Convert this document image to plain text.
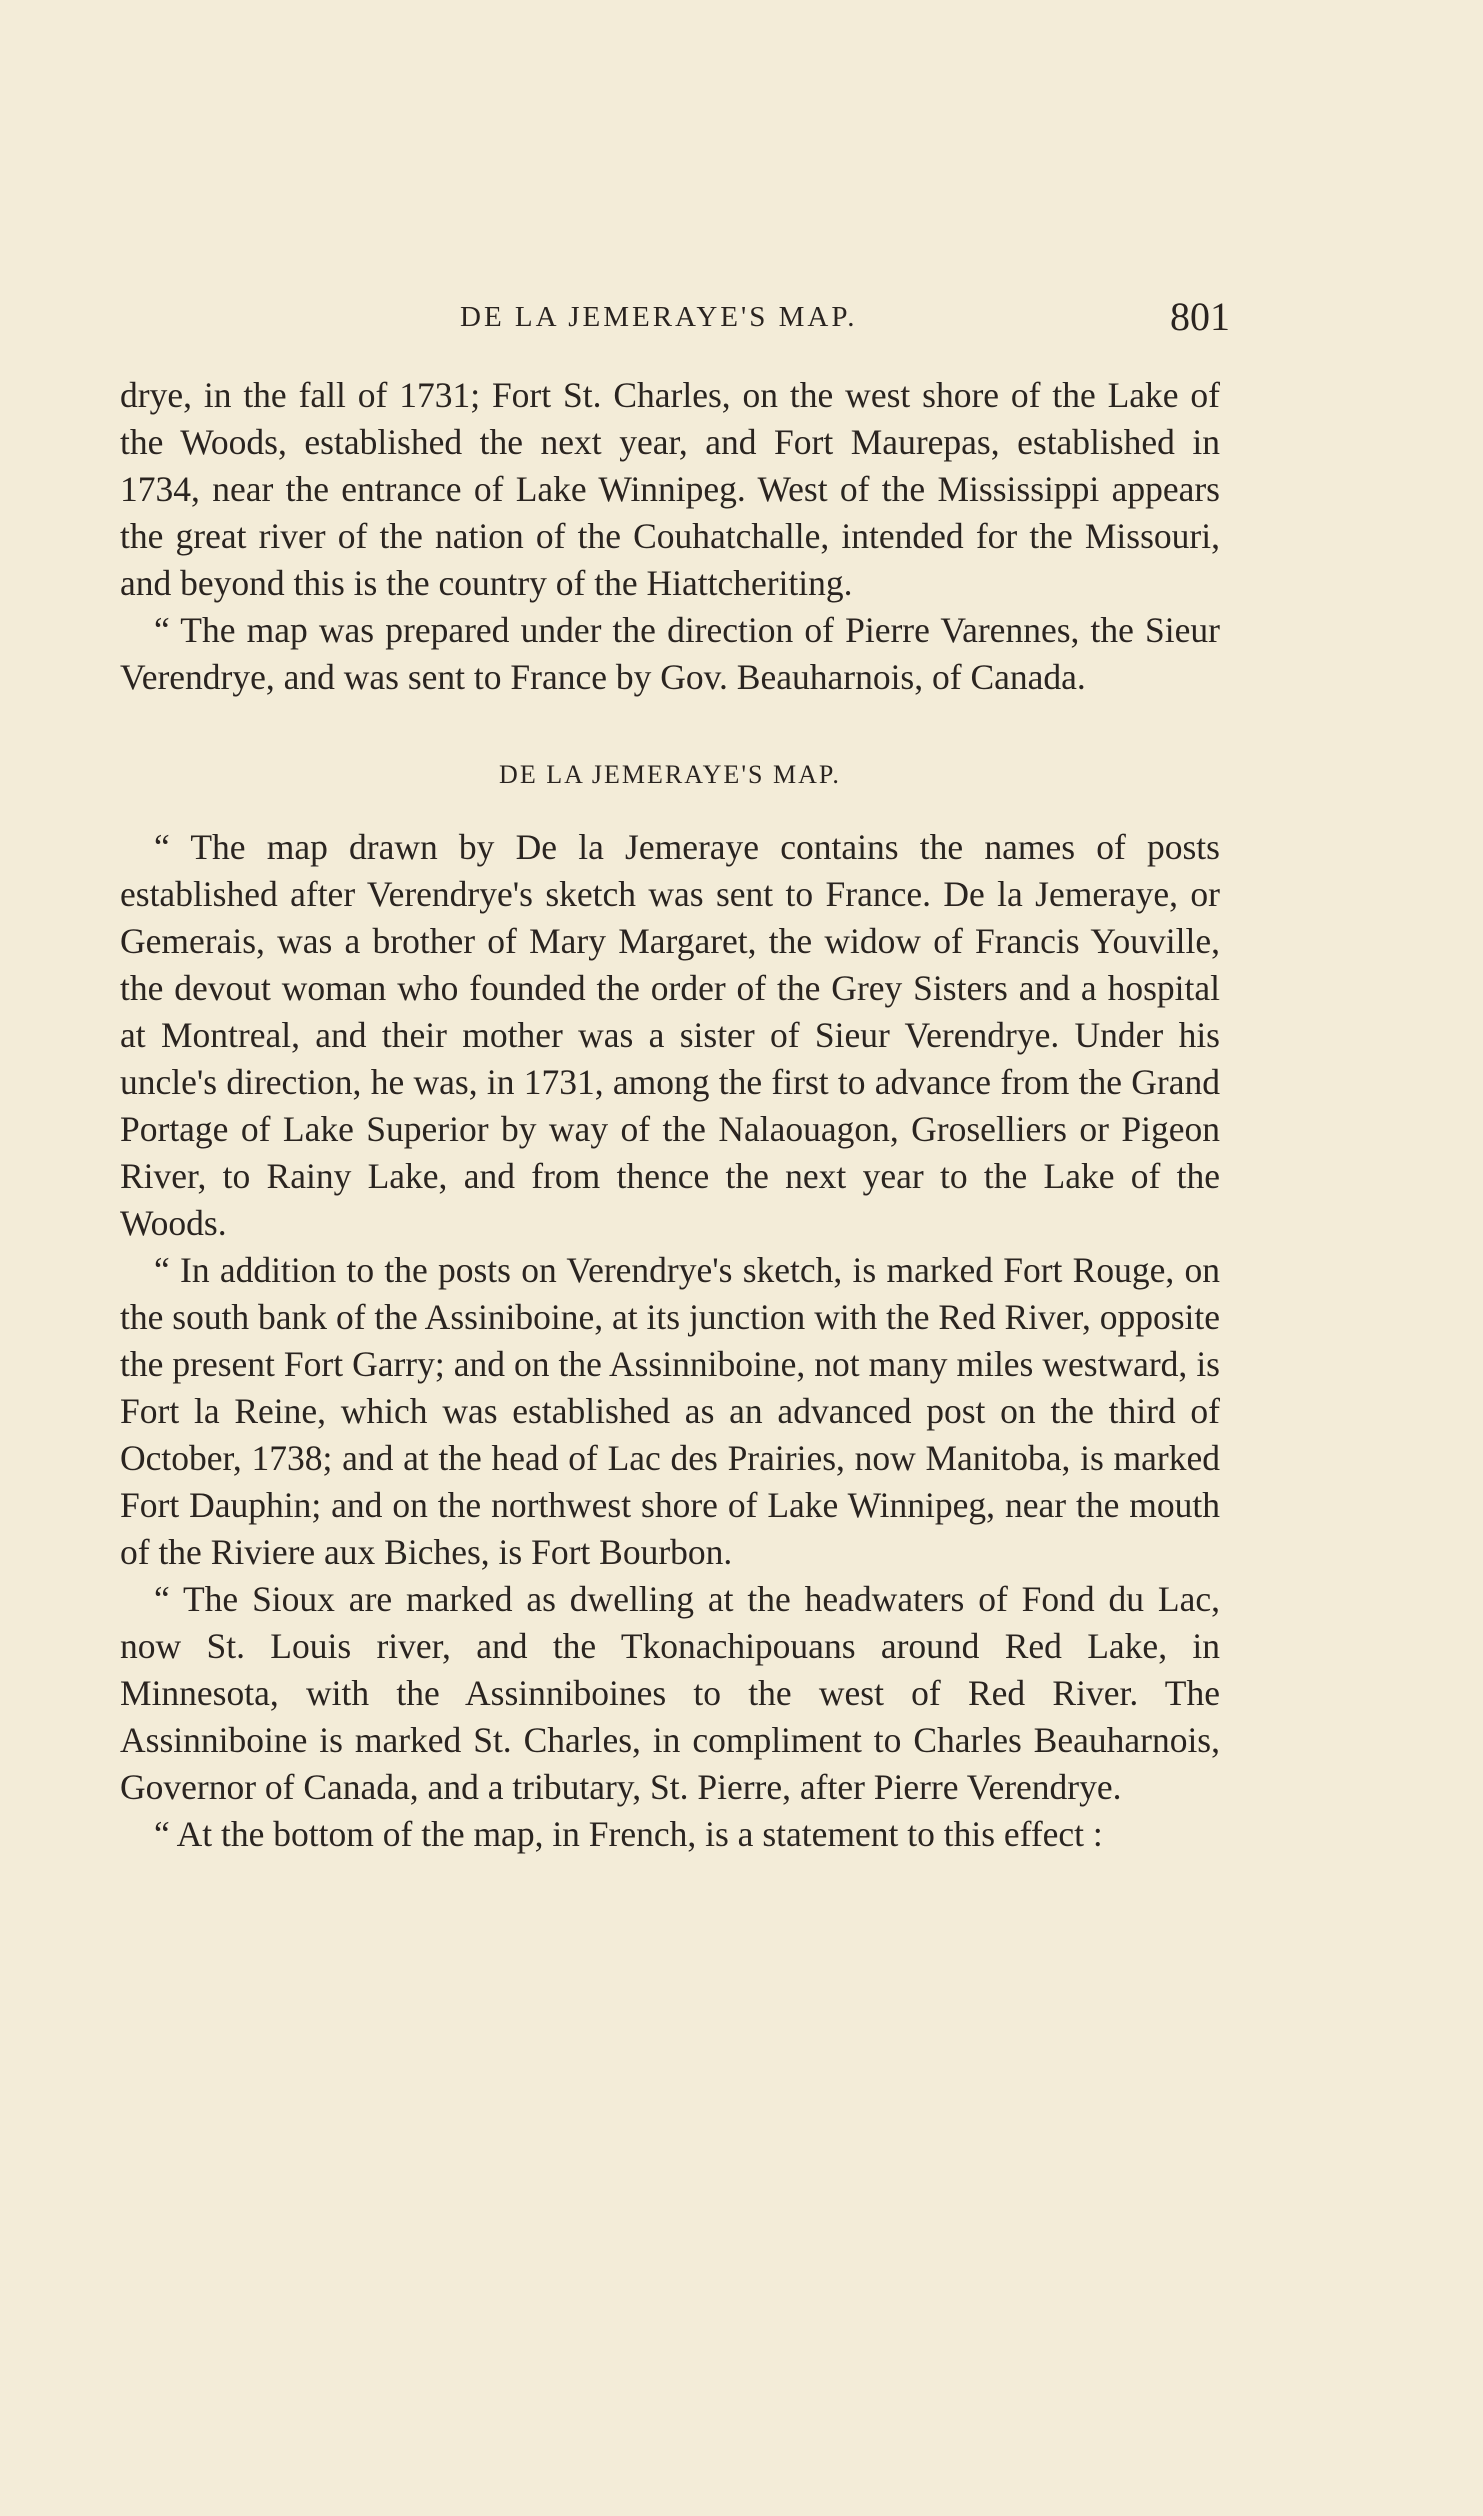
DE LA JEMERAYE'S MAP.	801

drye, in the fall of 1731; Fort St. Charles, on the west shore of the Lake of the Woods, established the next year, and Fort Maurepas, established in 1734, near the entrance of Lake Winnipeg. West of the Mississippi appears the great river of the nation of the Couhatchalle, intended for the Missouri, and beyond this is the country of the Hiattcheriting.

“ The map was prepared under the direction of Pierre Varennes, the Sieur Verendrye, and was sent to France by Gov. Beauharnois, of Canada.

DE LA JEMERAYE'S MAP.

“ The map drawn by De la Jemeraye contains the names of posts established after Verendrye's sketch was sent to France. De la Jemeraye, or Gemerais, was a brother of Mary Margaret, the widow of Francis Youville, the devout woman who founded the order of the Grey Sisters and a hospital at Montreal, and their mother was a sister of Sieur Verendrye. Under his uncle's direction, he was, in 1731, among the first to advance from the Grand Portage of Lake Superior by way of the Nalaouagon, Groselliers or Pigeon River, to Rainy Lake, and from thence the next year to the Lake of the Woods.

“ In addition to the posts on Verendrye's sketch, is marked Fort Rouge, on the south bank of the Assiniboine, at its junction with the Red River, opposite the present Fort Garry; and on the Assinniboine, not many miles westward, is Fort la Reine, which was established as an advanced post on the third of October, 1738; and at the head of Lac des Prairies, now Manitoba, is marked Fort Dauphin; and on the northwest shore of Lake Winnipeg, near the mouth of the Riviere aux Biches, is Fort Bourbon.

“ The Sioux are marked as dwelling at the headwaters of Fond du Lac, now St. Louis river, and the Tkonachipouans around Red Lake, in Minnesota, with the Assinniboines to the west of Red River. The Assinniboine is marked St. Charles, in compliment to Charles Beauharnois, Governor of Canada, and a tributary, St. Pierre, after Pierre Verendrye.

“ At the bottom of the map, in French, is a statement to this effect :
